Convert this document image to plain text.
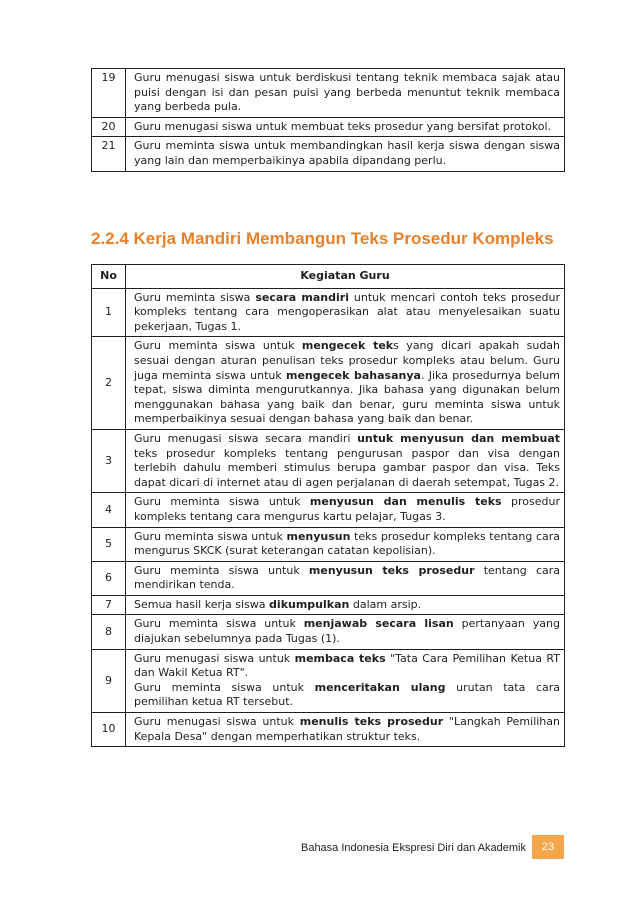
19	Guru menugasi siswa untuk berdiskusi tentang teknik membaca sajak atau puisi dengan isi dan pesan puisi yang berbeda menuntut teknik membaca yang berbeda pula.
20	Guru menugasi siswa untuk membuat teks prosedur yang bersifat protokol.
21	Guru meminta siswa untuk membandingkan hasil kerja siswa dengan siswa yang lain dan memperbaikinya apabila dipandang perlu.
2.2.4 Kerja Mandiri Membangun Teks Prosedur Kompleks
No	Kegiatan Guru
1	Guru meminta siswa secara mandiri untuk mencari contoh teks prosedur kompleks tentang cara mengoperasikan alat atau menyelesaikan suatu pekerjaan, Tugas 1.
2	Guru meminta siswa untuk mengecek teks yang dicari apakah sudah sesuai dengan aturan penulisan teks prosedur kompleks atau belum. Guru juga meminta siswa untuk mengecek bahasanya. Jika prosedurnya belum tepat, siswa diminta mengurutkannya. Jika bahasa yang digunakan belum menggunakan bahasa yang baik dan benar, guru meminta siswa untuk memperbaikinya sesuai dengan bahasa yang baik dan benar.
3	Guru menugasi siswa secara mandiri untuk menyusun dan membuat teks prosedur kompleks tentang pengurusan paspor dan visa dengan terlebih dahulu memberi stimulus berupa gambar paspor dan visa. Teks dapat dicari di internet atau di agen perjalanan di daerah setempat, Tugas 2.
4	Guru meminta siswa untuk menyusun dan menulis teks prosedur kompleks tentang cara mengurus kartu pelajar, Tugas 3.
5	Guru meminta siswa untuk menyusun teks prosedur kompleks tentang cara mengurus SKCK (surat keterangan catatan kepolisian).
6	Guru meminta siswa untuk menyusun teks prosedur tentang cara mendirikan tenda.
7	Semua hasil kerja siswa dikumpulkan dalam arsip.
8	Guru meminta siswa untuk menjawab secara lisan pertanyaan yang diajukan sebelumnya pada Tugas (1).
9	Guru menugasi siswa untuk membaca teks "Tata Cara Pemilihan Ketua RT dan Wakil Ketua RT".
Guru meminta siswa untuk menceritakan ulang urutan tata cara pemilihan ketua RT tersebut.
10	Guru menugasi siswa untuk menulis teks prosedur "Langkah Pemilihan Kepala Desa" dengan memperhatikan struktur teks.
Bahasa Indonesia Ekspresi Diri dan Akademik	23
